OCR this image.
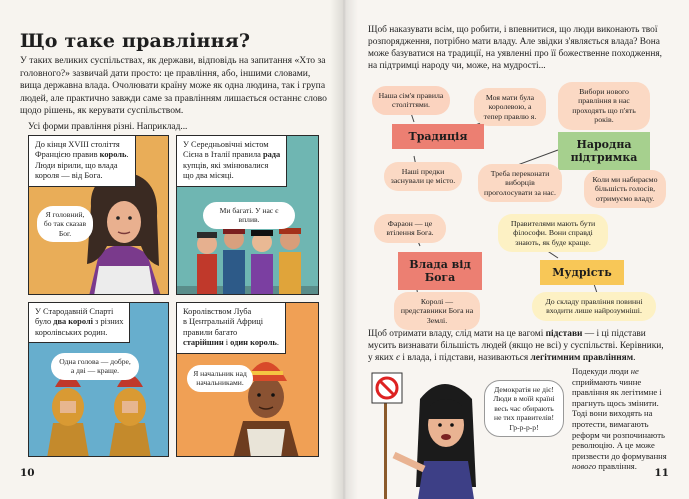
Що таке правління?

У таких великих суспільствах, як держави, відповідь на запитання «Хто за головного?» зазвичай дати просто: це правління, або, іншими словами, вища державна влада. Очолювати країну може як одна людина, так і група людей, але практично завжди саме за правлінням лишається останнє слово щодо рішень, як керувати суспільством.

Усі форми правління різні. Наприклад...

До кінця XVIII століття
Францією правив король.
Люди вірили, що влада
короля — від Бога.
Я головний, бо так сказав Бог.
У Середньовічні містом
Сієна в Італії правила рада
купців, які змінювалися
що два місяці.
Ми багаті. У нас є вплив.
У Стародавній Спарті
було два королі з різних
королівських родин.
Одна голова — добре, а дві — краще.
Королівством Луба
в Центральній Африці
правили багато
старійшин і один король.
Я начальник над начальниками.
10

Щоб наказувати всім, що робити, і впевнитися, що люди виконають твої розпорядження, потрібно мати владу. Але звідки з'являється влада? Вона може базуватися на традиції, на уявленні про її божественне походження, на підтримці народу чи, може, на мудрості...

Наша сім'я правила століттями.
Моя мати була королевою, а тепер правлю я.
Традиція
Наші предки заснували це місто.
Вибори нового правління в нас проходять що п'ять років.
Народна підтримка
Треба переконати виборців проголосувати за нас.
Коли ми набираємо більшість голосів, отримуємо владу.
Фараон — це втілення Бога.
Влада від Бога
Королі — представники Бога на Землі.
Правителями мають бути філософи. Вони справді знають, як буде краще.
Мудрість
До складу правління повинні входити лише найрозумніші.

Щоб отримати владу, слід мати на це вагомі підстави — і ці підстави мусить визнавати більшість людей (якщо не всі) у суспільстві. Керівники, у яких є і влада, і підстави, називаються легітимним правлінням.

Демократія не діє! Люди в моїй країні весь час обирають не тих правителів! Гр-р-р-р!

Подекуди люди не сприймають чинне правління як легітимне і прагнуть щось змінити. Тоді вони виходять на протести, вимагають реформ чи розпочинають революцію. А це може призвести до формування нового правління.

11
